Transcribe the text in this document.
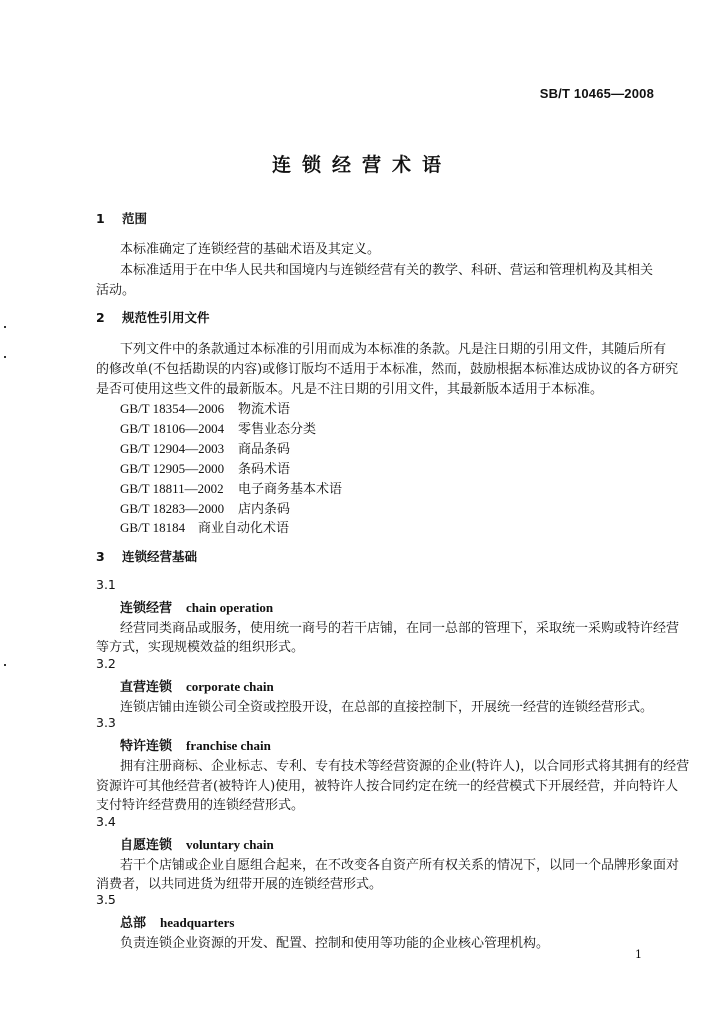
SB/T 10465—2008
连锁经营术语
1 范围
本标准确定了连锁经营的基础术语及其定义。
本标准适用于在中华人民共和国境内与连锁经营有关的教学、科研、营运和管理机构及其相关
活动。
2 规范性引用文件
下列文件中的条款通过本标准的引用而成为本标准的条款。凡是注日期的引用文件，其随后所有
的修改单(不包括勘误的内容)或修订版均不适用于本标准，然而，鼓励根据本标准达成协议的各方研究
是否可使用这些文件的最新版本。凡是不注日期的引用文件，其最新版本适用于本标准。
GB/T 18354—2006 物流术语
GB/T 18106—2004 零售业态分类
GB/T 12904—2003 商品条码
GB/T 12905—2000 条码术语
GB/T 18811—2002 电子商务基本术语
GB/T 18283—2000 店内条码
GB/T 18184 商业自动化术语
3 连锁经营基础
3.1
连锁经营 chain operation
经营同类商品或服务，使用统一商号的若干店铺，在同一总部的管理下，采取统一采购或特许经营
等方式，实现规模效益的组织形式。
3.2
直营连锁 corporate chain
连锁店铺由连锁公司全资或控股开设，在总部的直接控制下，开展统一经营的连锁经营形式。
3.3
特许连锁 franchise chain
拥有注册商标、企业标志、专利、专有技术等经营资源的企业(特许人)，以合同形式将其拥有的经营
资源许可其他经营者(被特许人)使用，被特许人按合同约定在统一的经营模式下开展经营，并向特许人
支付特许经营费用的连锁经营形式。
3.4
自愿连锁 voluntary chain
若干个店铺或企业自愿组合起来，在不改变各自资产所有权关系的情况下，以同一个品牌形象面对
消费者，以共同进货为纽带开展的连锁经营形式。
3.5
总部 headquarters
负责连锁企业资源的开发、配置、控制和使用等功能的企业核心管理机构。
1
